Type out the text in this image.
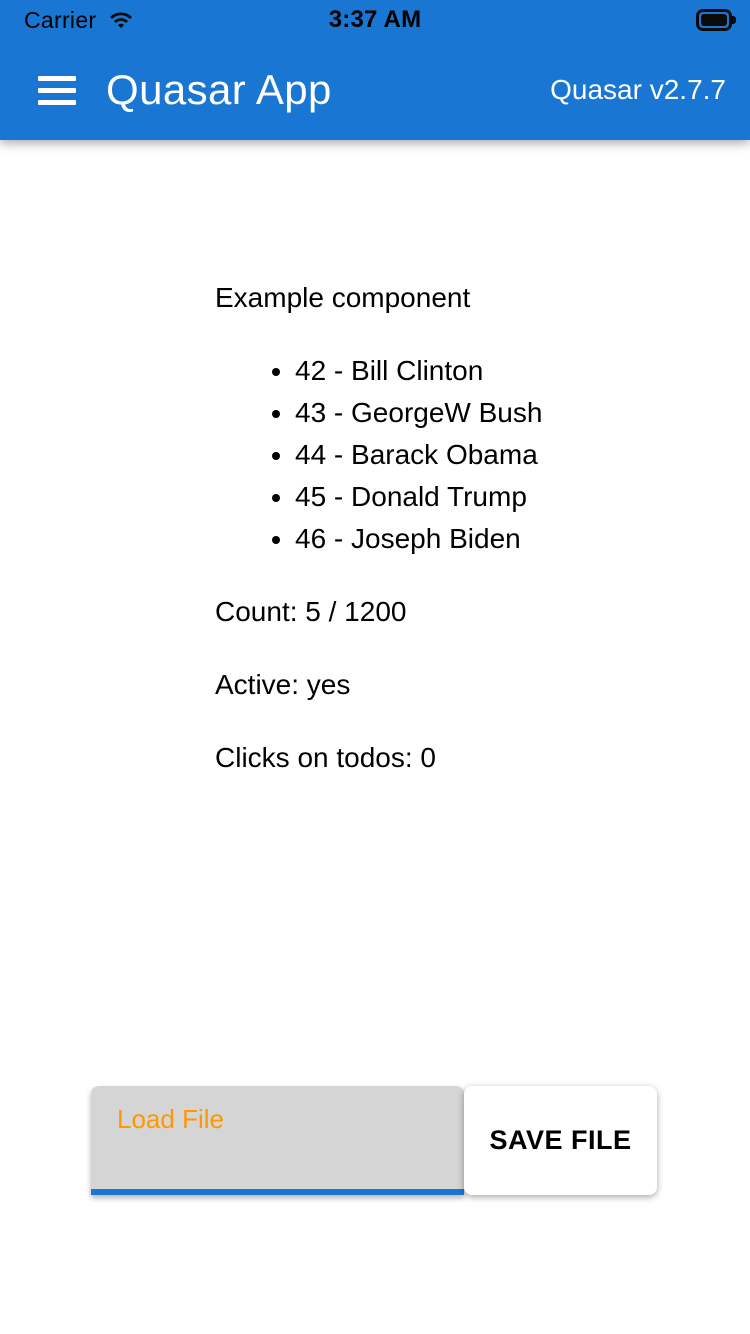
Carrier	3:37 AM
Quasar App	Quasar v2.7.7

Example component

• 42 - Bill Clinton
• 43 - GeorgeW Bush
• 44 - Barack Obama
• 45 - Donald Trump
• 46 - Joseph Biden

Count: 5 / 1200

Active: yes

Clicks on todos: 0

Load File
SAVE FILE
